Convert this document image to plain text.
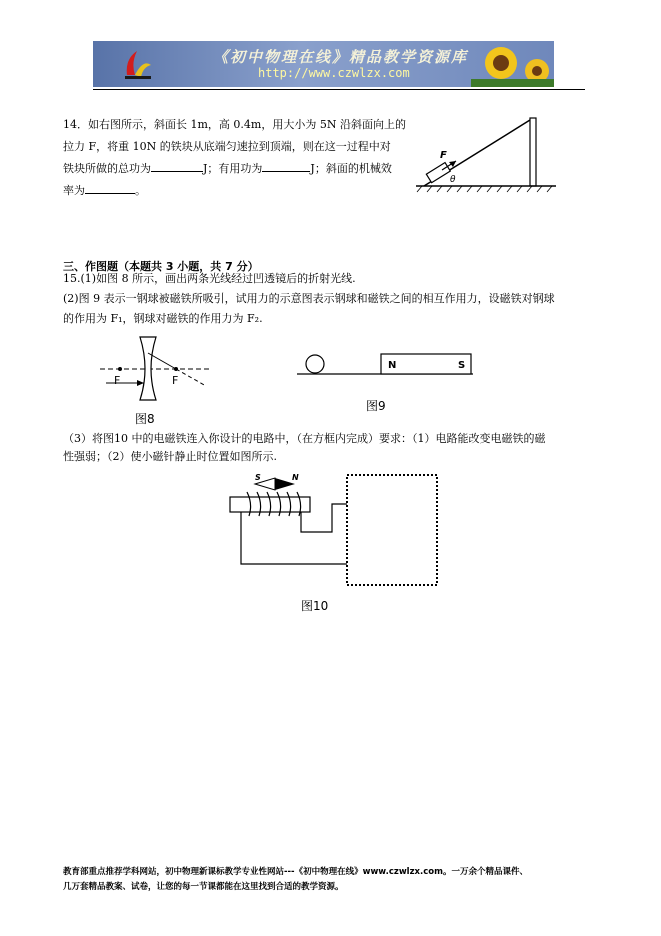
《初中物理在线》精品教学资源库
http://www.czwlzx.com
14．如右图所示，斜面长 1m，高 0.4m，用大小为 5N 沿斜面向上的
拉力 F，将重 10N 的铁块从底端匀速拉到顶端，则在这一过程中对
铁块所做的总功为	J；有用功为	J；斜面的机械效
率为	。
F
θ
三、作图题（本题共 3 小题，共 7 分）
15.(1)如图 8 所示，画出两条光线经过凹透镜后的折射光线.
(2)图 9 表示一钢球被磁铁所吸引，试用力的示意图表示钢球和磁铁之间的相互作用力，设磁铁对钢球
的作用为 F₁，钢球对磁铁的作用力为 F₂.
F	F
图8
N	S
图9
（3）将图10 中的电磁铁连入你设计的电路中，（在方框内完成）要求：（1）电路能改变电磁铁的磁
性强弱；（2）使小磁针静止时位置如图所示.
S	N
图10
教育部重点推荐学科网站，初中物理新课标教学专业性网站---《初中物理在线》www.czwlzx.com。一万余个精品课件、
几万套精品教案、试卷，让您的每一节课都能在这里找到合适的教学资源。
